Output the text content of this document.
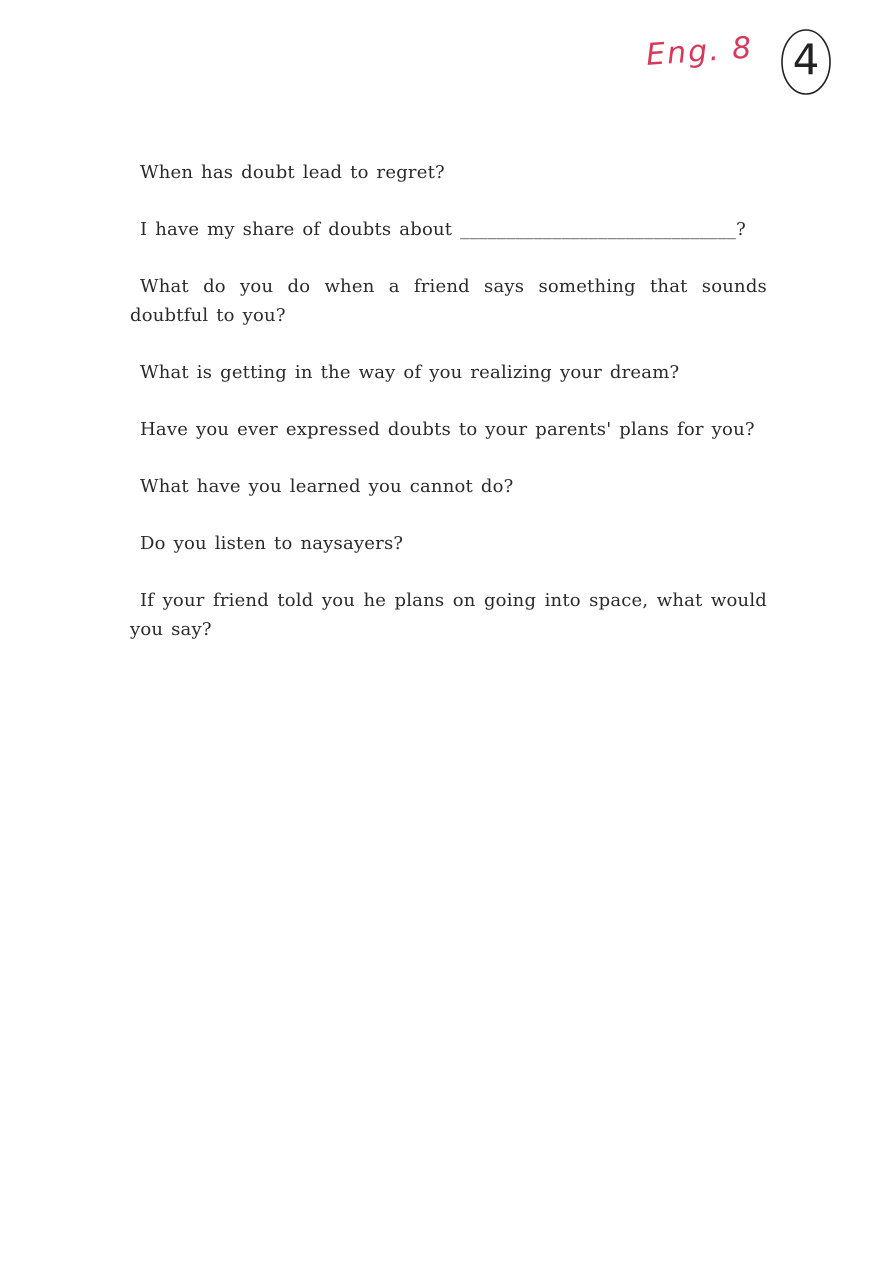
Eng. 8 4

When has doubt lead to regret?

I have my share of doubts about ______________________________?

What do you do when a friend says something that sounds doubtful to you?

What is getting in the way of you realizing your dream?

Have you ever expressed doubts to your parents' plans for you?

What have you learned you cannot do?

Do you listen to naysayers?

If your friend told you he plans on going into space, what would you say?
